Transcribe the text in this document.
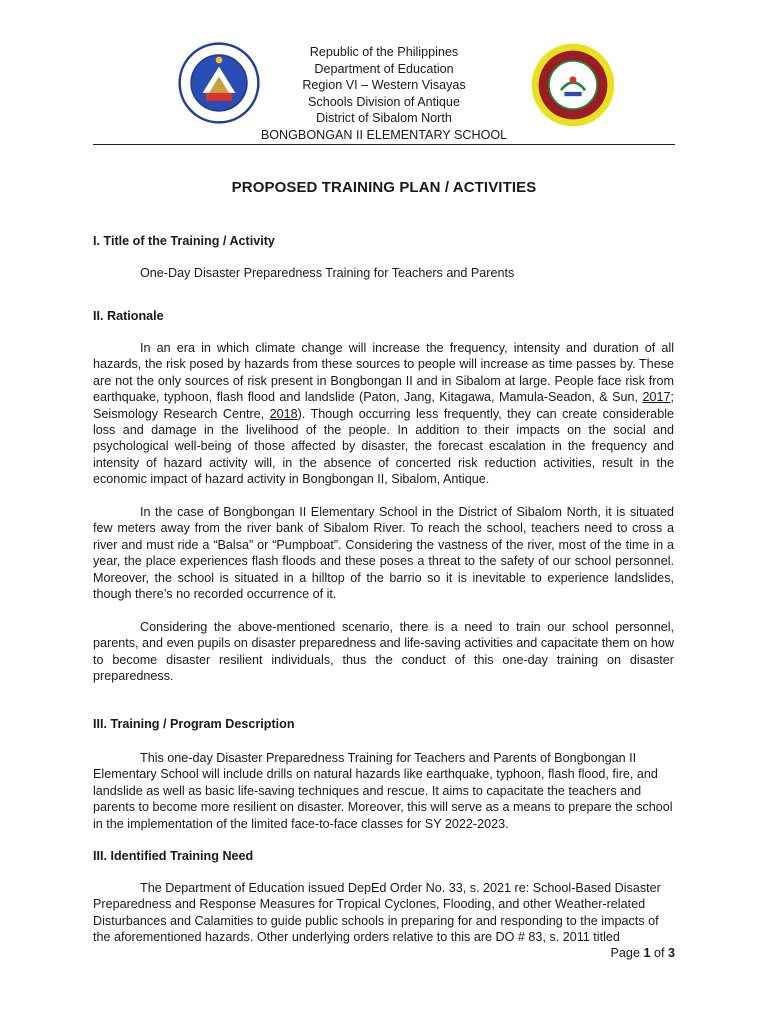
Republic of the Philippines
Department of Education
Region VI – Western Visayas
Schools Division of Antique
District of Sibalom North
BONGBONGAN II ELEMENTARY SCHOOL
PROPOSED TRAINING PLAN / ACTIVITIES
I. Title of the Training / Activity
One-Day Disaster Preparedness Training for Teachers and Parents
II. Rationale
In an era in which climate change will increase the frequency, intensity and duration of all hazards, the risk posed by hazards from these sources to people will increase as time passes by. These are not the only sources of risk present in Bongbongan II and in Sibalom at large. People face risk from earthquake, typhoon, flash flood and landslide (Paton, Jang, Kitagawa, Mamula-Seadon, & Sun, 2017; Seismology Research Centre, 2018). Though occurring less frequently, they can create considerable loss and damage in the livelihood of the people. In addition to their impacts on the social and psychological well-being of those affected by disaster, the forecast escalation in the frequency and intensity of hazard activity will, in the absence of concerted risk reduction activities, result in the economic impact of hazard activity in Bongbongan II, Sibalom, Antique.
In the case of Bongbongan II Elementary School in the District of Sibalom North, it is situated few meters away from the river bank of Sibalom River. To reach the school, teachers need to cross a river and must ride a “Balsa” or “Pumpboat”. Considering the vastness of the river, most of the time in a year, the place experiences flash floods and these poses a threat to the safety of our school personnel. Moreover, the school is situated in a hilltop of the barrio so it is inevitable to experience landslides, though there’s no recorded occurrence of it.
Considering the above-mentioned scenario, there is a need to train our school personnel, parents, and even pupils on disaster preparedness and life-saving activities and capacitate them on how to become disaster resilient individuals, thus the conduct of this one-day training on disaster preparedness.
III. Training / Program Description
This one-day Disaster Preparedness Training for Teachers and Parents of Bongbongan II Elementary School will include drills on natural hazards like earthquake, typhoon, flash flood, fire, and landslide as well as basic life-saving techniques and rescue. It aims to capacitate the teachers and parents to become more resilient on disaster. Moreover, this will serve as a means to prepare the school in the implementation of the limited face-to-face classes for SY 2022-2023.
III. Identified Training Need
The Department of Education issued DepEd Order No. 33, s. 2021 re: School-Based Disaster Preparedness and Response Measures for Tropical Cyclones, Flooding, and other Weather-related Disturbances and Calamities to guide public schools in preparing for and responding to the impacts of the aforementioned hazards. Other underlying orders relative to this are DO # 83, s. 2011 titled
Page 1 of 3
